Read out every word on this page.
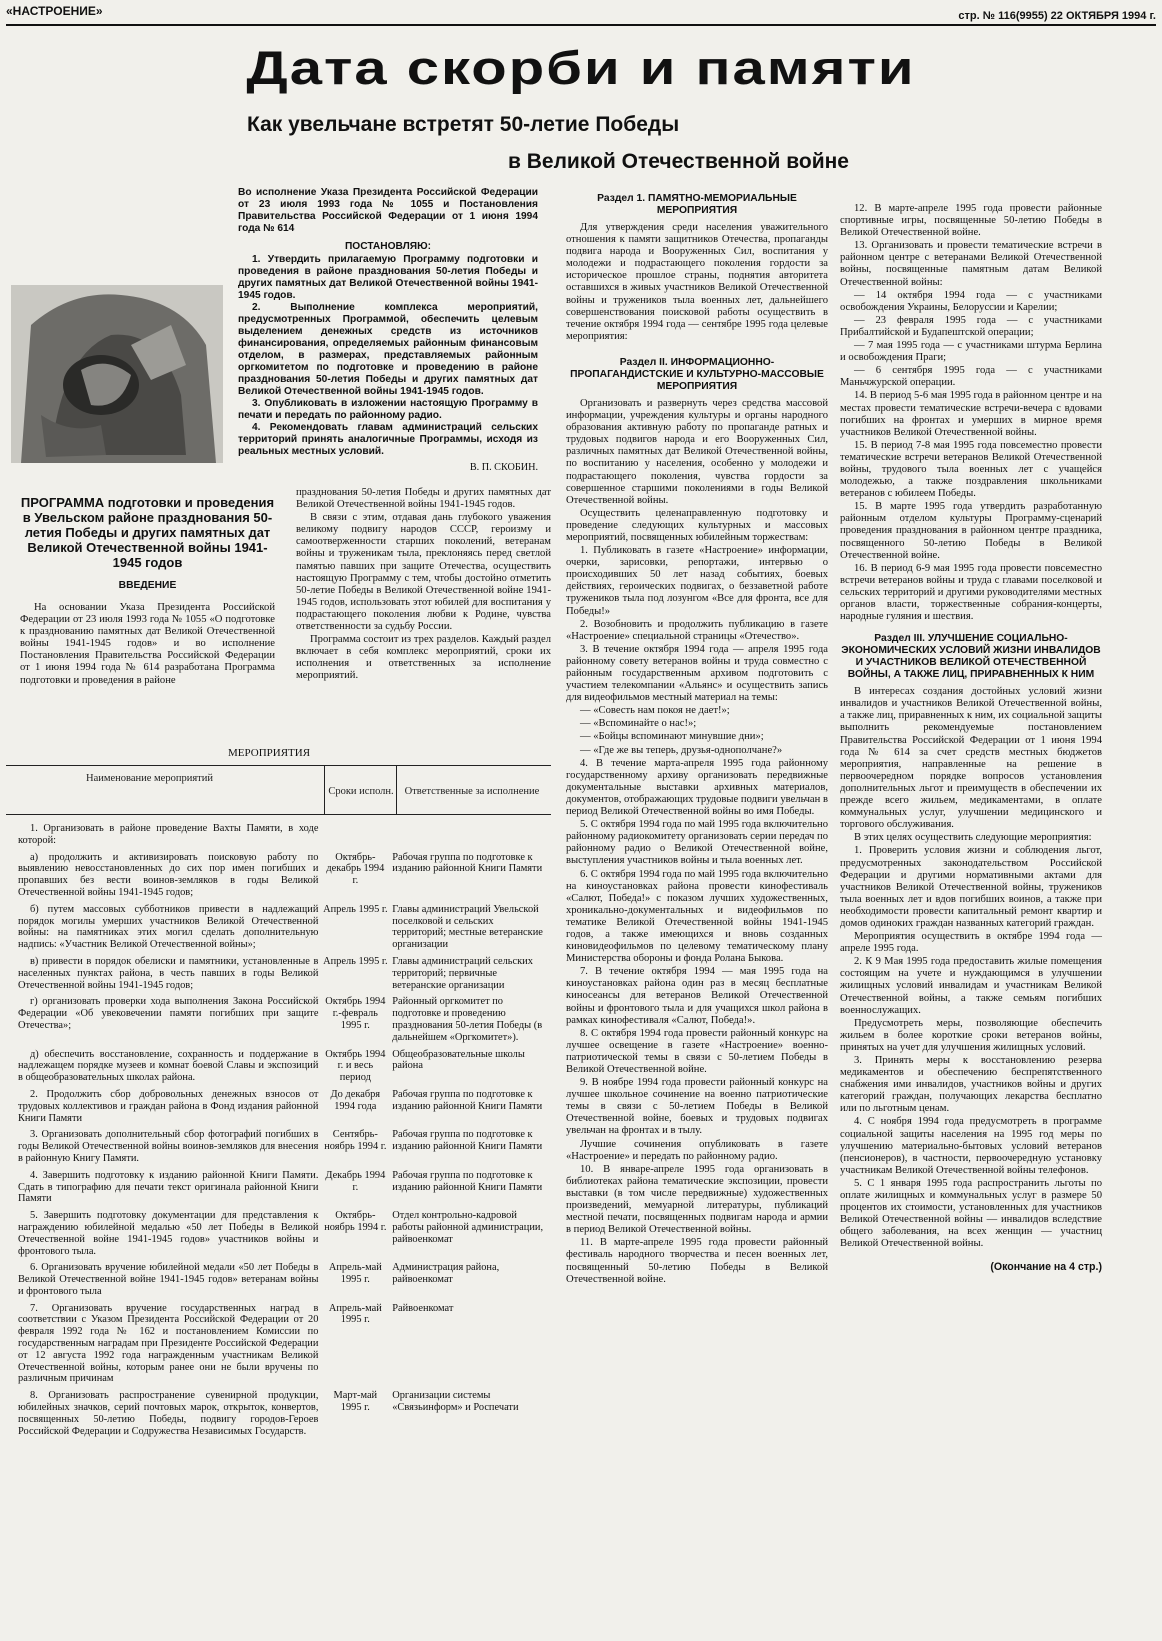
«НАСТРОЕНИЕ»	стр. № 116(9955) 22 ОКТЯБРЯ 1994 г.
Дата скорби и памяти
Как увельчане встретят 50-летие Победы
в Великой Отечественной войне

Во исполнение Указа Президента Российской Федерации от 23 июля 1993 года № 1055 и Постановления Правительства Российской Федерации от 1 июня 1994 года № 614

ПОСТАНОВЛЯЮ:

1. Утвердить прилагаемую Программу подготовки и проведения в районе празднования 50-летия Победы и других памятных дат Великой Отечественной войны 1941-1945 годов.

2. Выполнение комплекса мероприятий, предусмотренных Программой, обеспечить целевым выделением денежных средств из источников финансирования, определяемых районным финансовым отделом, в размерах, представляемых районным оргкомитетом по подготовке и проведению в районе празднования 50-летия Победы и других памятных дат Великой Отечественной войны 1941-1945 годов.

3. Опубликовать в изложении настоящую Программу в печати и передать по районному радио.

4. Рекомендовать главам администраций сельских территорий принять аналогичные Программы, исходя из реальных местных условий.

В. П. СКОБИН.

ПРОГРАММА подготовки и проведения в Увельском районе празднования 50-летия Победы и других памятных дат Великой Отечественной войны 1941-1945 годов
ВВЕДЕНИЕ

На основании Указа Президента Российской Федерации от 23 июля 1993 года № 1055 «О подготовке к празднованию памятных дат Великой Отечественной войны 1941-1945 годов» и во исполнение Постановления Правительства Российской Федерации от 1 июня 1994 года № 614 разработана Программа подготовки и проведения в районе

празднования 50-летия Победы и других памятных дат Великой Отечественной войны 1941-1945 годов.

В связи с этим, отдавая дань глубокого уважения великому подвигу народов СССР, героизму и самоотверженности старших поколений, ветеранам войны и труженикам тыла, преклоняясь перед светлой памятью павших при защите Отечества, осуществить настоящую Программу с тем, чтобы достойно отметить 50-летие Победы в Великой Отечественной войне 1941-1945 годов, использовать этот юбилей для воспитания у подрастающего поколения любви к Родине, чувства ответственности за судьбу России.

Программа состоит из трех разделов. Каждый раздел включает в себя комплекс мероприятий, сроки их исполнения и ответственных за исполнение мероприятий.

МЕРОПРИЯТИЯ
Наименование мероприятий
Сроки исполн. Ответственные за исполнение
1. Организовать в районе проведение Вахты Памяти, в ходе которой:		
а) продолжить и активизировать поисковую работу по выявлению невосстановленных до сих пор имен погибших и пропавших без вести воинов-земляков в годы Великой Отечественной войны 1941-1945 годов;	Октябрь-декабрь 1994 г.	Рабочая группа по подготовке к изданию районной Книги Памяти
б) путем массовых субботников привести в надлежащий порядок могилы умерших участников Великой Отечественной войны: на памятниках этих могил сделать дополнительную надпись: «Участник Великой Отечественной войны»;	Апрель 1995 г.	Главы администраций Увельской поселковой и сельских территорий; местные ветеранские организации
в) привести в порядок обелиски и памятники, установленные в населенных пунктах района, в честь павших в годы Великой Отечественной войны 1941-1945 годов;	Апрель 1995 г.	Главы администраций сельских территорий; первичные ветеранские организации
г) организовать проверки хода выполнения Закона Российской Федерации «Об увековечении памяти погибших при защите Отечества»;	Октябрь 1994 г.-февраль 1995 г.	Районный оргкомитет по подготовке и проведению празднования 50-летия Победы (в дальнейшем «Оргкомитет»).
д) обеспечить восстановление, сохранность и поддержание в надлежащем порядке музеев и комнат боевой Славы и экспозиций в общеобразовательных школах района.	Октябрь 1994 г. и весь период	Общеобразовательные школы района
2. Продолжить сбор добровольных денежных взносов от трудовых коллективов и граждан района в Фонд издания районной Книги Памяти	До декабря 1994 года	Рабочая группа по подготовке к изданию районной Книги Памяти
3. Организовать дополнительный сбор фотографий погибших в годы Великой Отечественной войны воинов-земляков для внесения в районную Книгу Памяти.	Сентябрь-ноябрь 1994 г.	Рабочая группа по подготовке к изданию районной Книги Памяти
4. Завершить подготовку к изданию районной Книги Памяти. Сдать в типографию для печати текст оригинала районной Книги Памяти	Декабрь 1994 г.	Рабочая группа по подготовке к изданию районной Книги Памяти
5. Завершить подготовку документации для представления к награждению юбилейной медалью «50 лет Победы в Великой Отечественной войне 1941-1945 годов» участников войны и фронтового тыла.	Октябрь-ноябрь 1994 г.	Отдел контрольно-кадровой работы районной администрации, райвоенкомат
6. Организовать вручение юбилейной медали «50 лет Победы в Великой Отечественной войне 1941-1945 годов» ветеранам войны и фронтового тыла	Апрель-май 1995 г.	Администрация района, райвоенкомат
7. Организовать вручение государственных наград в соответствии с Указом Президента Российской Федерации от 20 февраля 1992 года № 162 и постановлением Комиссии по государственным наградам при Президенте Российской Федерации от 12 августа 1992 года награжденным участникам Великой Отечественной войны, которым ранее они не были вручены по различным причинам	Апрель-май 1995 г.	Райвоенкомат
8. Организовать распространение сувенирной продукции, юбилейных значков, серий почтовых марок, открыток, конвертов, посвященных 50-летию Победы, подвигу городов-Героев Российской Федерации и Содружества Независимых Государств.	Март-май 1995 г.	Организации системы «Связьинформ» и Роспечати
Раздел 1. ПАМЯТНО-МЕМОРИАЛЬНЫЕ МЕРОПРИЯТИЯ

Для утверждения среди населения уважительного отношения к памяти защитников Отечества, пропаганды подвига народа и Вооруженных Сил, воспитания у молодежи и подрастающего поколения гордости за историческое прошлое страны, поднятия авторитета оставшихся в живых участников Великой Отечественной войны и тружеников тыла военных лет, дальнейшего совершенствования поисковой работы осуществить в течение октября 1994 года — сентябре 1995 года целевые мероприятия:

Раздел II. ИНФОРМАЦИОННО-ПРОПАГАНДИСТСКИЕ И КУЛЬТУРНО-МАССОВЫЕ МЕРОПРИЯТИЯ

Организовать и развернуть через средства массовой информации, учреждения культуры и органы народного образования активную работу по пропаганде ратных и трудовых подвигов народа и его Вооруженных Сил, различных памятных дат Великой Отечественной войны, по воспитанию у населения, особенно у молодежи и подрастающего поколения, чувства гордости за совершенное старшими поколениями в годы Великой Отечественной войны.

Осуществить целенаправленную подготовку и проведение следующих культурных и массовых мероприятий, посвященных юбилейным торжествам:

1. Публиковать в газете «Настроение» информации, очерки, зарисовки, репортажи, интервью о происходивших 50 лет назад событиях, боевых действиях, героических подвигах, о беззаветной работе тружеников тыла под лозунгом «Все для фронта, все для Победы!»

2. Возобновить и продолжить публикацию в газете «Настроение» специальной страницы «Отечество».

3. В течение октября 1994 года — апреля 1995 года районному совету ветеранов войны и труда совместно с районным государственным архивом подготовить с участием телекомпании «Альянс» и осуществить запись для видеофильмов местный материал на темы:

— «Совесть нам покоя не дает!»;

— «Вспоминайте о нас!»;

— «Бойцы вспоминают минувшие дни»;

— «Где же вы теперь, друзья-однополчане?»

4. В течение марта-апреля 1995 года районному государственному архиву организовать передвижные документальные выставки архивных материалов, документов, отображающих трудовые подвиги увельчан в период Великой Отечественной войны во имя Победы.

5. С октября 1994 года по май 1995 года включительно районному радиокомитету организовать серии передач по районному радио о Великой Отечественной войне, выступления участников войны и тыла военных лет.

6. С октября 1994 года по май 1995 года включительно на киноустановках района провести кинофестиваль «Салют, Победа!» с показом лучших художественных, хроникально-документальных и видеофильмов по тематике Великой Отечественной войны 1941-1945 годов, а также имеющихся и вновь созданных киновидеофильмов по целевому тематическому плану Министерства обороны и фонда Ролана Быкова.

7. В течение октября 1994 — мая 1995 года на киноустановках района один раз в месяц бесплатные киносеансы для ветеранов Великой Отечественной войны и фронтового тыла и для учащихся школ района в рамках кинофестиваля «Салют, Победа!».

8. С октября 1994 года провести районный конкурс на лучшее освещение в газете «Настроение» военно-патриотической темы в связи с 50-летием Победы в Великой Отечественной войне.

9. В ноябре 1994 года провести районный конкурс на лучшее школьное сочинение на военно патриотические темы в связи с 50-летием Победы в Великой Отечественной войне, боевых и трудовых подвигах увельчан на фронтах и в тылу.

Лучшие сочинения опубликовать в газете «Настроение» и передать по районному радио.

10. В январе-апреле 1995 года организовать в библиотеках района тематические экспозиции, провести выставки (в том числе передвижные) художественных произведений, мемуарной литературы, публикаций местной печати, посвященных подвигам народа и армии в период Великой Отечественной войны.

11. В марте-апреле 1995 года провести районный фестиваль народного творчества и песен военных лет, посвященный 50-летию Победы в Великой Отечественной войне.

12. В марте-апреле 1995 года провести районные спортивные игры, посвященные 50-летию Победы в Великой Отечественной войне.

13. Организовать и провести тематические встречи в районном центре с ветеранами Великой Отечественной войны, посвященные памятным датам Великой Отечественной войны:

— 14 октября 1994 года — с участниками освобождения Украины, Белоруссии и Карелии;

— 23 февраля 1995 года — с участниками Прибалтийской и Будапештской операции;

— 7 мая 1995 года — с участниками штурма Берлина и освобождения Праги;

— 6 сентября 1995 года — с участниками Маньчжурской операции.

14. В период 5-6 мая 1995 года в районном центре и на местах провести тематические встречи-вечера с вдовами погибших на фронтах и умерших в мирное время участников Великой Отечественной войны.

15. В период 7-8 мая 1995 года повсеместно провести тематические встречи ветеранов Великой Отечественной войны, трудового тыла военных лет с учащейся молодежью, а также поздравления школьниками ветеранов с юбилеем Победы.

15. В марте 1995 года утвердить разработанную районным отделом культуры Программу-сценарий проведения празднования в районном центре праздника, посвященного 50-летию Победы в Великой Отечественной войне.

16. В период 6-9 мая 1995 года провести повсеместно встречи ветеранов войны и труда с главами поселковой и сельских территорий и другими руководителями местных органов власти, торжественные собрания-концерты, народные гуляния и шествия.

Раздел III. УЛУЧШЕНИЕ СОЦИАЛЬНО-ЭКОНОМИЧЕСКИХ УСЛОВИЙ ЖИЗНИ ИНВАЛИДОВ И УЧАСТНИКОВ ВЕЛИКОЙ ОТЕЧЕСТВЕННОЙ ВОЙНЫ, А ТАКЖЕ ЛИЦ, ПРИРАВНЕННЫХ К НИМ

В интересах создания достойных условий жизни инвалидов и участников Великой Отечественной войны, а также лиц, приравненных к ним, их социальной защиты выполнить рекомендуемые постановлением Правительства Российской Федерации от 1 июня 1994 года № 614 за счет средств местных бюджетов мероприятия, направленные на решение в первоочередном порядке вопросов установления дополнительных льгот и преимуществ в обеспечении их прежде всего жильем, медикаментами, в оплате коммунальных услуг, улучшении медицинского и торгового обслуживания.

В этих целях осуществить следующие мероприятия:

1. Проверить условия жизни и соблюдения льгот, предусмотренных законодательством Российской Федерации и другими нормативными актами для участников Великой Отечественной войны, тружеников тыла военных лет и вдов погибших воинов, а также при необходимости провести капитальный ремонт квартир и домов одиноких граждан названных категорий граждан.

Мероприятия осуществить в октябре 1994 года — апреле 1995 года.

2. К 9 Мая 1995 года предоставить жилые помещения состоящим на учете и нуждающимся в улучшении жилищных условий инвалидам и участникам Великой Отечественной войны, а также семьям погибших военнослужащих.

Предусмотреть меры, позволяющие обеспечить жильем в более короткие сроки ветеранов войны, принятых на учет для улучшения жилищных условий.

3. Принять меры к восстановлению резерва медикаментов и обеспечению беспрепятственного снабжения ими инвалидов, участников войны и других категорий граждан, получающих лекарства бесплатно или по льготным ценам.

4. С ноября 1994 года предусмотреть в программе социальной защиты населения на 1995 год меры по улучшению материально-бытовых условий ветеранов (пенсионеров), в частности, первоочередную установку участникам Великой Отечественной войны телефонов.

5. С 1 января 1995 года распространить льготы по оплате жилищных и коммунальных услуг в размере 50 процентов их стоимости, установленных для участников Великой Отечественной войны — инвалидов вследствие общего заболевания, на всех женщин — участниц Великой Отечественной войны.

(Окончание на 4 стр.)
